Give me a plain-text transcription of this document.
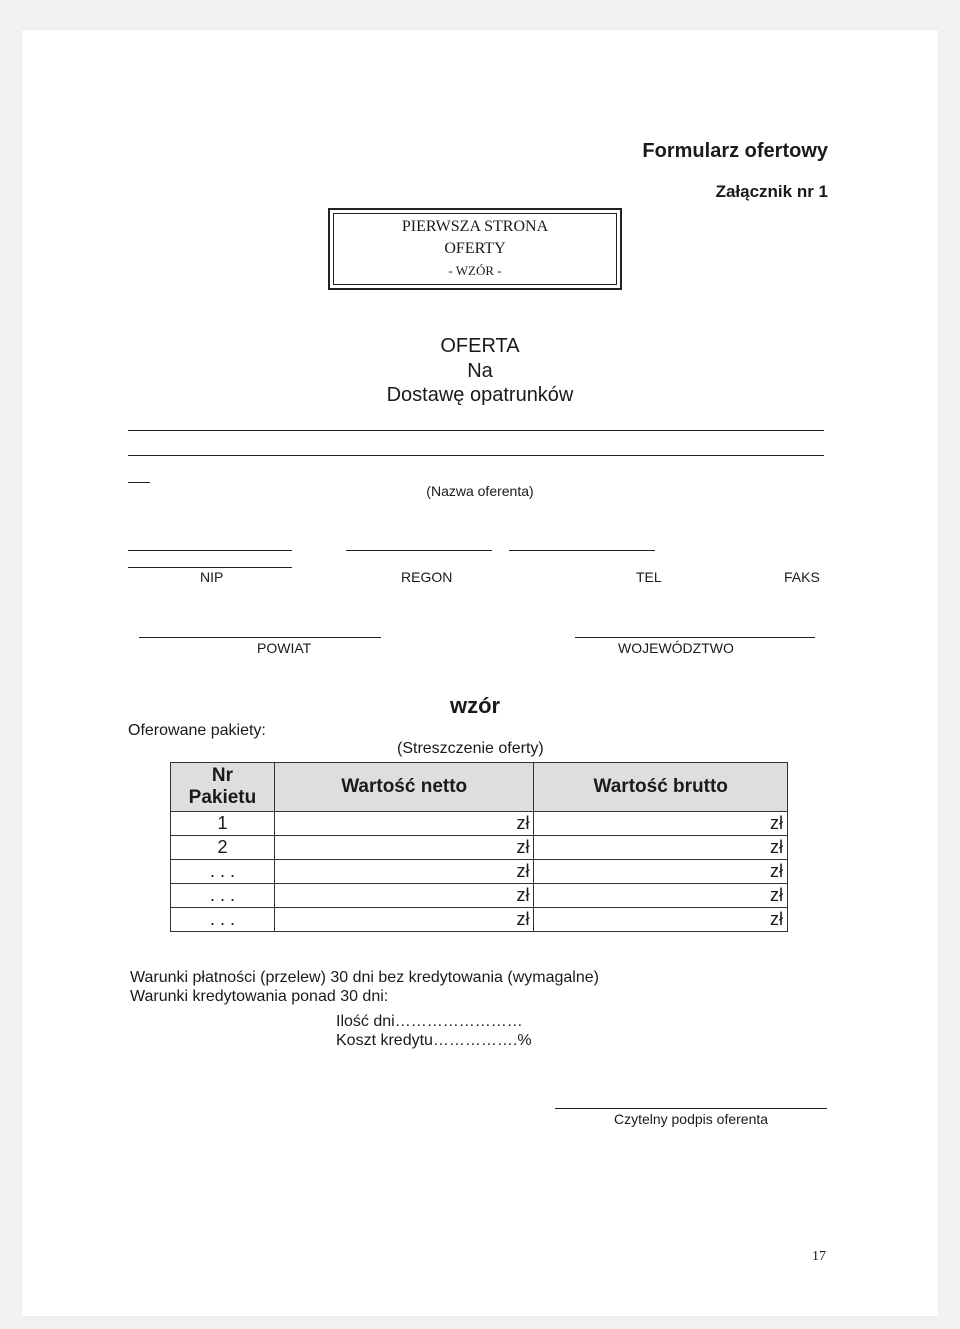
Formularz ofertowy
Załącznik nr 1
PIERWSZA STRONA
OFERTY
- WZÓR -
OFERTA
Na
Dostawę opatrunków
(Nazwa oferenta)
NIP	REGON	TEL	FAKS
POWIAT	WOJEWÓDZTWO
wzór
Oferowane pakiety:
(Streszczenie oferty)
Nr
Pakietu	Wartość netto	Wartość brutto
1	zł	zł
2	zł	zł
. . .	zł	zł
. . .	zł	zł
. . .	zł	zł
Warunki płatności (przelew) 30 dni bez kredytowania (wymagalne)
Warunki kredytowania ponad 30 dni:
Ilość dni……………………
Koszt kredytu…………….%
Czytelny podpis oferenta
17
